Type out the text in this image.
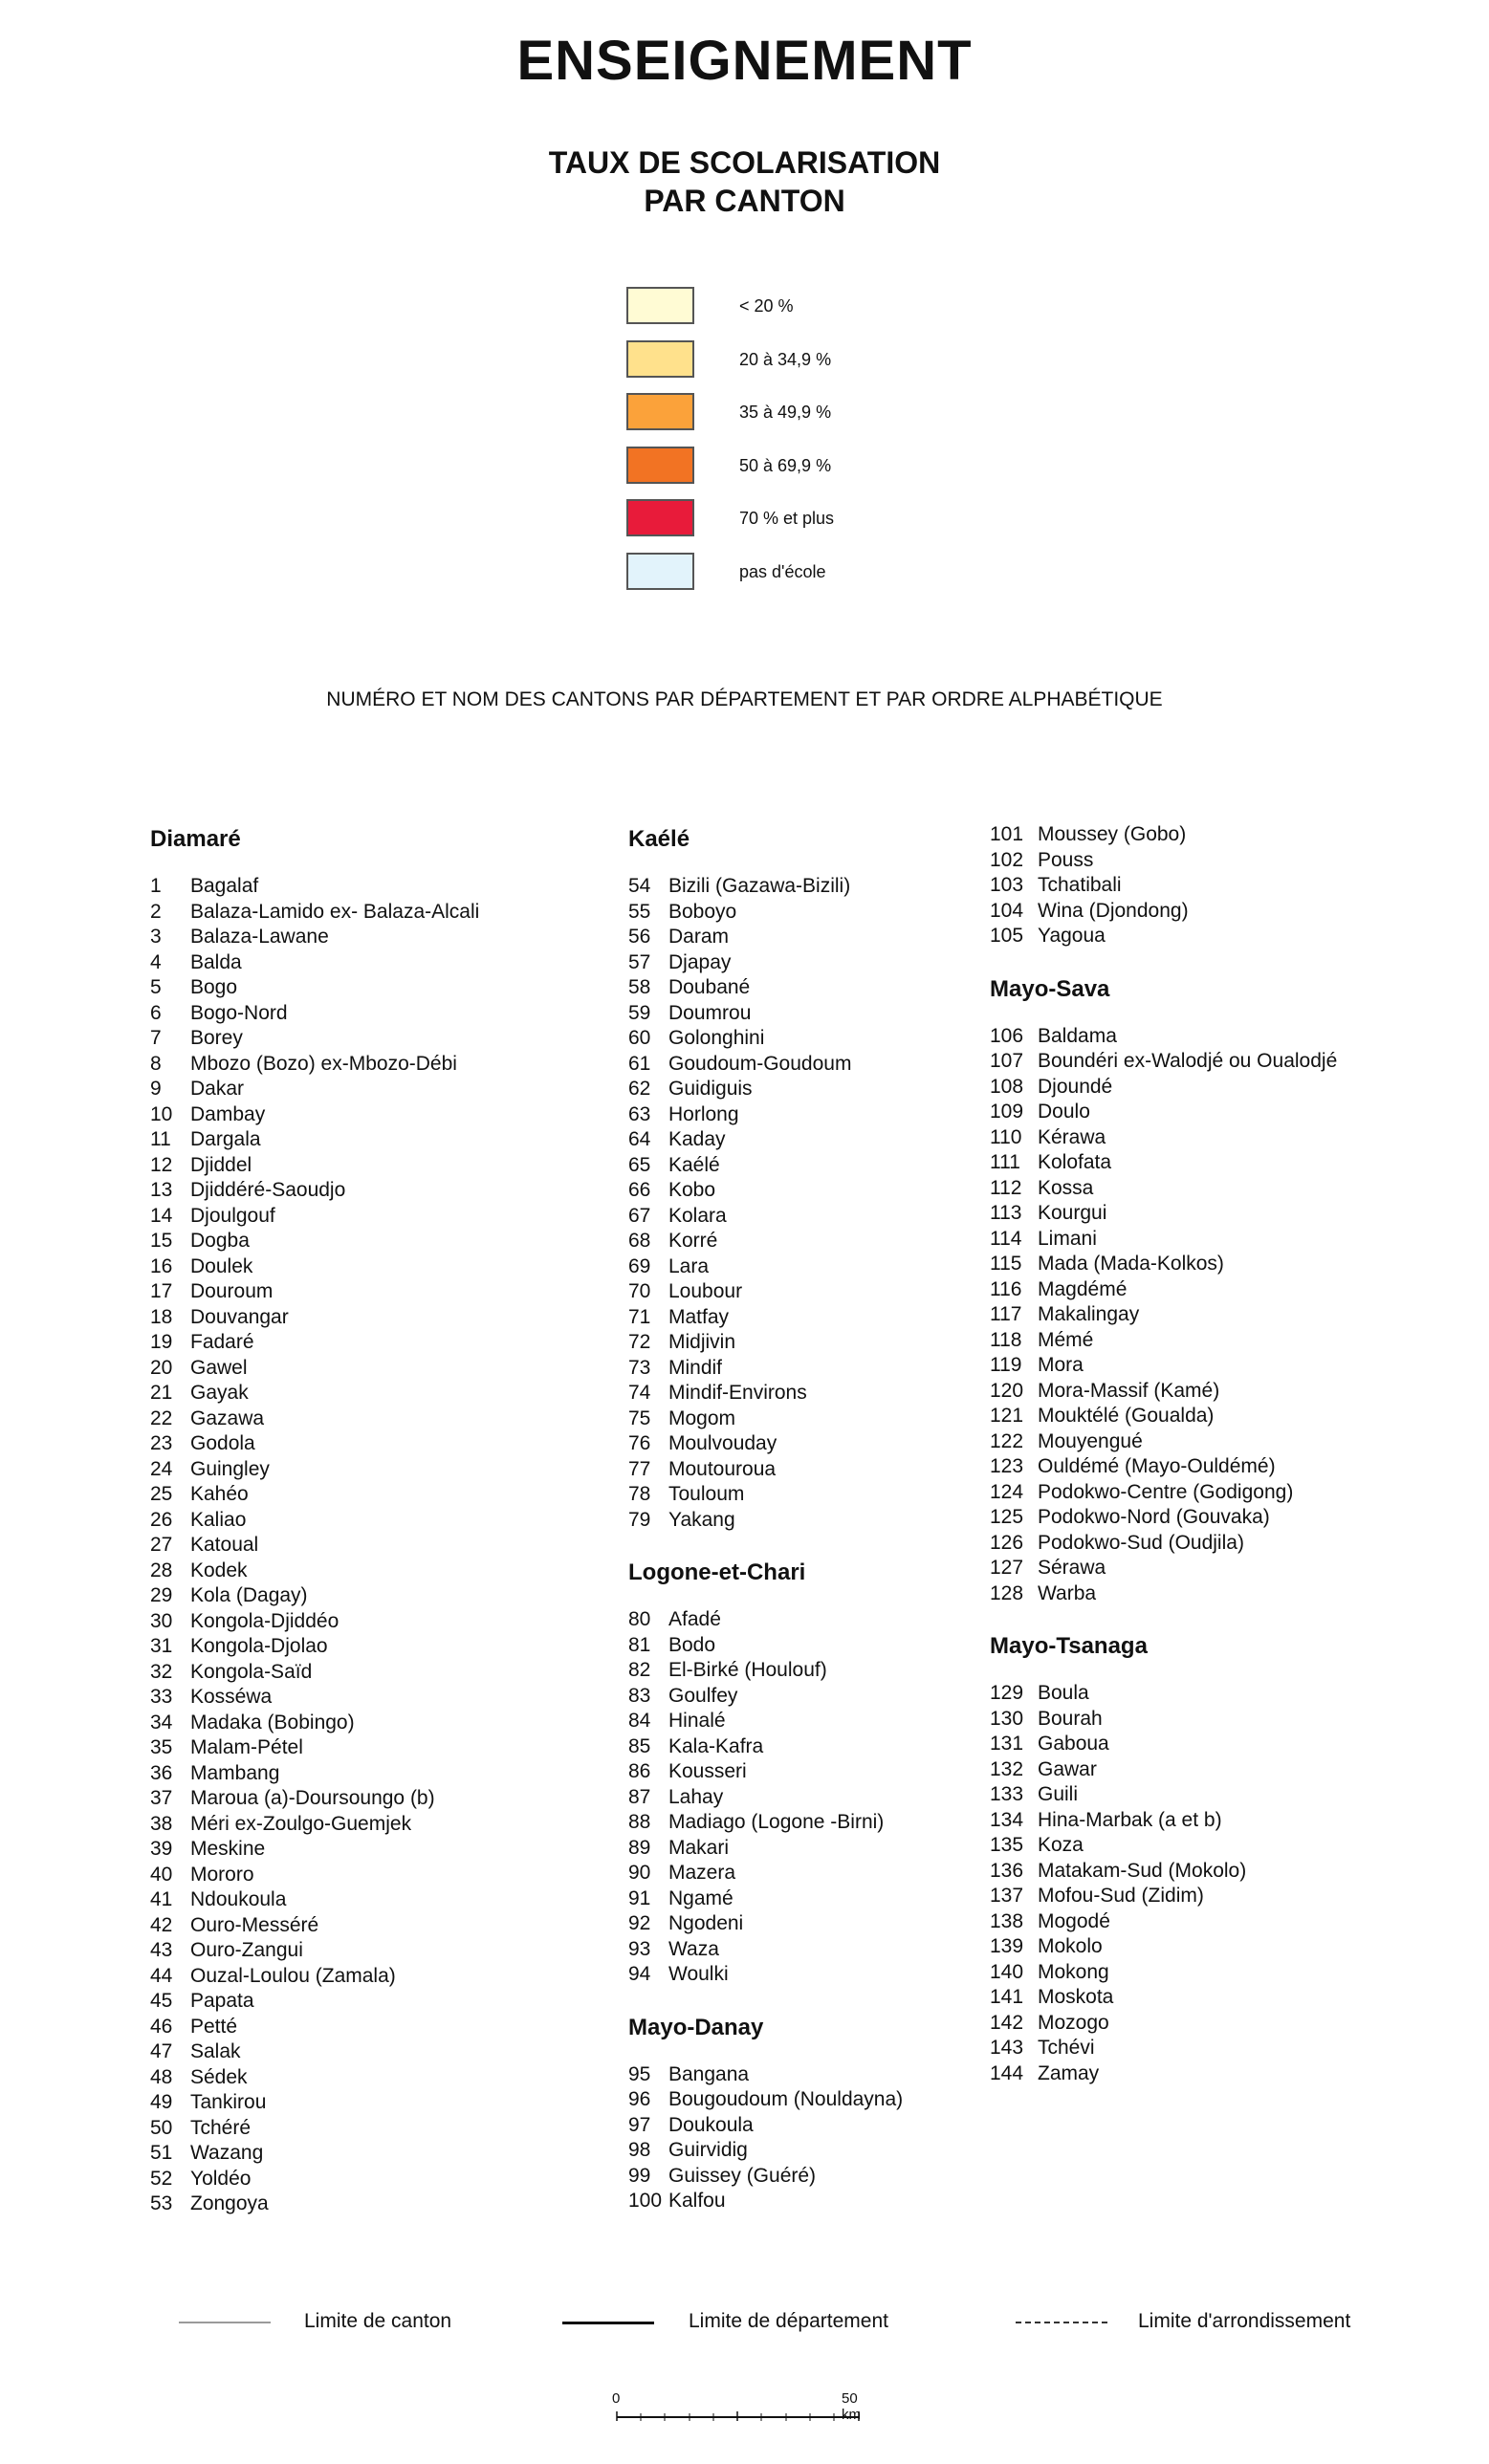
ENSEIGNEMENT
TAUX DE SCOLARISATION
PAR CANTON
< 20 %
20 à 34,9 %
35 à 49,9 %
50 à 69,9 %
70 % et plus
pas d'école

NUMÉRO ET NOM DES CANTONS PAR DÉPARTEMENT ET PAR ORDRE ALPHABÉTIQUE

Diamaré
1 Bagalaf
2 Balaza-Lamido ex- Balaza-Alcali
3 Balaza-Lawane
4 Balda
5 Bogo
6 Bogo-Nord
7 Borey
8 Mbozo (Bozo) ex-Mbozo-Débi
9 Dakar
10 Dambay
11 Dargala
12 Djiddel
13 Djiddéré-Saoudjo
14 Djoulgouf
15 Dogba
16 Doulek
17 Douroum
18 Douvangar
19 Fadaré
20 Gawel
21 Gayak
22 Gazawa
23 Godola
24 Guingley
25 Kahéo
26 Kaliao
27 Katoual
28 Kodek
29 Kola (Dagay)
30 Kongola-Djiddéo
31 Kongola-Djolao
32 Kongola-Saïd
33 Kosséwa
34 Madaka (Bobingo)
35 Malam-Pétel
36 Mambang
37 Maroua (a)-Doursoungo (b)
38 Méri ex-Zoulgo-Guemjek
39 Meskine
40 Mororo
41 Ndoukoula
42 Ouro-Messéré
43 Ouro-Zangui
44 Ouzal-Loulou (Zamala)
45 Papata
46 Petté
47 Salak
48 Sédek
49 Tankirou
50 Tchéré
51 Wazang
52 Yoldéo
53 Zongoya
Kaélé
54 Bizili (Gazawa-Bizili)
55 Boboyo
56 Daram
57 Djapay
58 Doubané
59 Doumrou
60 Golonghini
61 Goudoum-Goudoum
62 Guidiguis
63 Horlong
64 Kaday
65 Kaélé
66 Kobo
67 Kolara
68 Korré
69 Lara
70 Loubour
71 Matfay
72 Midjivin
73 Mindif
74 Mindif-Environs
75 Mogom
76 Moulvouday
77 Moutouroua
78 Touloum
79 Yakang
Logone-et-Chari
80 Afadé
81 Bodo
82 El-Birké (Houlouf)
83 Goulfey
84 Hinalé
85 Kala-Kafra
86 Kousseri
87 Lahay
88 Madiago (Logone -Birni)
89 Makari
90 Mazera
91 Ngamé
92 Ngodeni
93 Waza
94 Woulki
Mayo-Danay
95 Bangana
96 Bougoudoum (Nouldayna)
97 Doukoula
98 Guirvidig
99 Guissey (Guéré)
100 Kalfou
101 Moussey (Gobo)
102 Pouss
103 Tchatibali
104 Wina (Djondong)
105 Yagoua
Mayo-Sava
106 Baldama
107 Boundéri ex-Walodjé ou Oualodjé
108 Djoundé
109 Doulo
110 Kérawa
111 Kolofata
112 Kossa
113 Kourgui
114 Limani
115 Mada (Mada-Kolkos)
116 Magdémé
117 Makalingay
118 Mémé
119 Mora
120 Mora-Massif (Kamé)
121 Mouktélé (Goualda)
122 Mouyengué
123 Ouldémé (Mayo-Ouldémé)
124 Podokwo-Centre (Godigong)
125 Podokwo-Nord (Gouvaka)
126 Podokwo-Sud (Oudjila)
127 Sérawa
128 Warba
Mayo-Tsanaga
129 Boula
130 Bourah
131 Gaboua
132 Gawar
133 Guili
134 Hina-Marbak (a et b)
135 Koza
136 Matakam-Sud (Mokolo)
137 Mofou-Sud (Zidim)
138 Mogodé
139 Mokolo
140 Mokong
141 Moskota
142 Mozogo
143 Tchévi
144 Zamay
Limite de canton	Limite de département	Limite d'arrondissement
0	50 km
